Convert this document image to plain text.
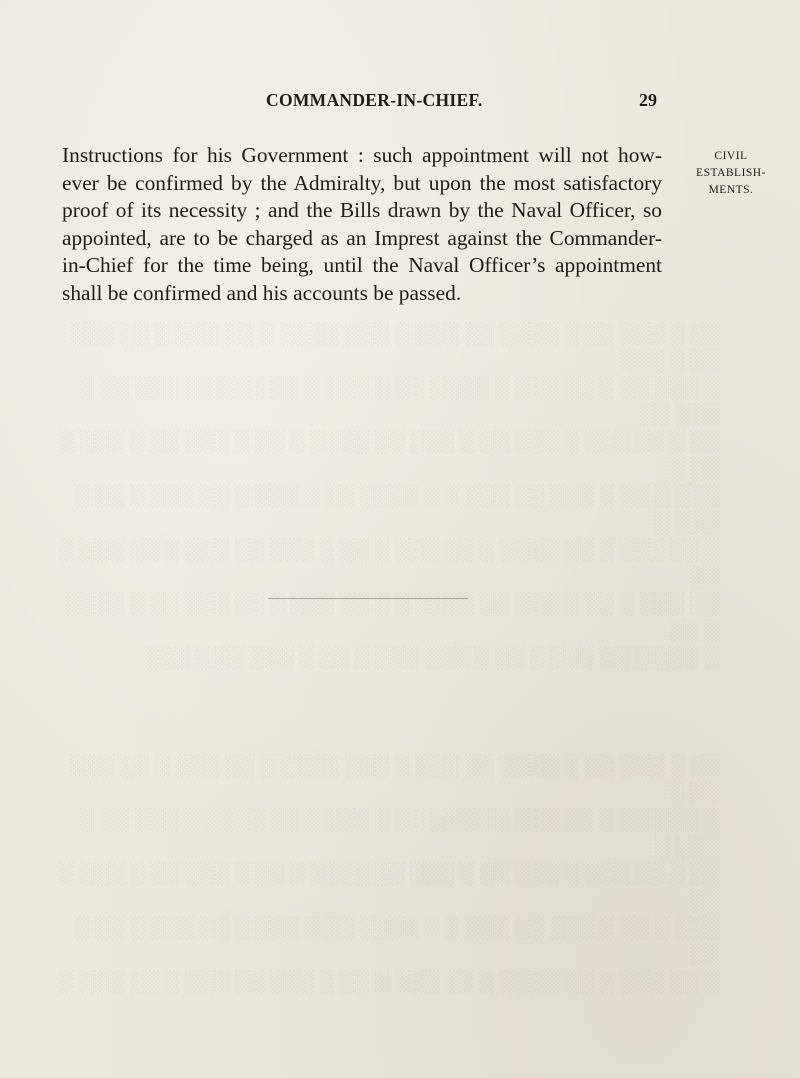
░░ ░ ░░░ ░░ ░ ░░░░ ░░ ░░░ ░ ░░░ ░░░░ ░ ░░ ░░░ ░ ░░ ░░░ ░░ ░ ░░░
░ ░░░ ░░ ░ ░░ ░░░ ░ ░░░░ ░░ ░ ░░░ ░ ░░ ░░░░ ░ ░░░ ░░ ░ ░░░ ░░
░░ ░ ░░ ░░░ ░ ░░░ ░░ ░ ░░░ ░░ ░░░░ ░ ░░ ░ ░░░ ░░ ░ ░░░ ░ ░░ ░
░░░ ░ ░░ ░ ░░░ ░░ ░░░ ░ ░ ░░░░ ░░ ░ ░░░ ░ ░░ ░░░ ░ ░░ ░ ░░░ ░
░ ░░ ░░░ ░ ░░ ░░░░ ░ ░░ ░░░ ░ ░░ ░ ░░░ ░░ ░░░ ░ ░░ ░░░ ░ ░░
░░ ░░░ ░ ░░ ░ ░░░ ░░ ░░░░ ░ ░ ░░ ░░░ ░ ░░ ░░░ ░░ ░ ░░░░ ░ ░░
░ ░░░ ░ ░░ ░░░ ░ ░░ ░ ░░░ ░░░ ░ ░░ ░ ░░░ ░░ ░ ░░░

░░ ░ ░░░ ░░ ░ ░░░░ ░░ ░░░ ░ ░░░ ░░░░ ░ ░░ ░░░ ░ ░░ ░░░ ░░ ░
░ ░░░ ░░ ░ ░░ ░░░ ░ ░░░░ ░░ ░ ░░░ ░ ░░ ░░░░ ░ ░░░ ░░ ░ ░░░ ░
░░ ░ ░░ ░░░ ░ ░░░ ░░ ░ ░░░ ░░ ░░░░ ░ ░░ ░ ░░░ ░░ ░ ░░░ ░ ░░
░░░ ░ ░░ ░ ░░░ ░░ ░░░ ░ ░ ░░░░ ░░ ░ ░░░ ░ ░░ ░░░ ░ ░░ ░ ░░
░ ░░ ░░░ ░ ░░ ░░░░ ░ ░░ ░░░ ░ ░░ ░ ░░░ ░░ ░░░ ░ ░░ ░░░ ░

COMMANDER-IN-CHIEF.	29
Instructions for his Government : such appointment will not how-
ever be confirmed by the Admiralty, but upon the most satisfactory
proof of its necessity ; and the Bills drawn by the Naval Officer, so
appointed, are to be charged as an Imprest against the Commander-
in-Chief for the time being, until the Naval Officer’s appointment
shall be confirmed and his accounts be passed.
CIVIL
ESTABLISH-
MENTS.
